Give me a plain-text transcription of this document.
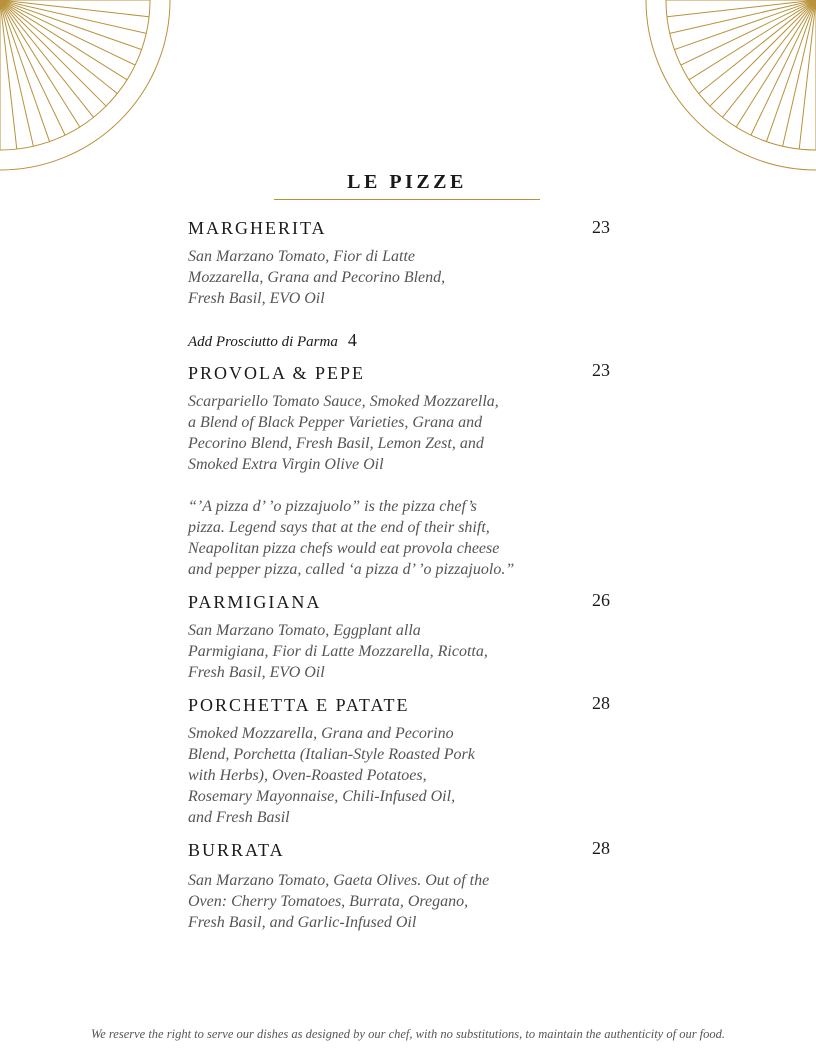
LE PIZZE
MARGHERITA	23
San Marzano Tomato, Fior di Latte
Mozzarella, Grana and Pecorino Blend,
Fresh Basil, EVO Oil
Add Prosciutto di Parma 4
PROVOLA & PEPE	23
Scarpariello Tomato Sauce, Smoked Mozzarella,
a Blend of Black Pepper Varieties, Grana and
Pecorino Blend, Fresh Basil, Lemon Zest, and
Smoked Extra Virgin Olive Oil
“’A pizza d’ ’o pizzajuolo” is the pizza chef’s
pizza. Legend says that at the end of their shift,
Neapolitan pizza chefs would eat provola cheese
and pepper pizza, called ‘a pizza d’ ’o pizzajuolo.”
PARMIGIANA	26
San Marzano Tomato, Eggplant alla
Parmigiana, Fior di Latte Mozzarella, Ricotta,
Fresh Basil, EVO Oil
PORCHETTA E PATATE	28
Smoked Mozzarella, Grana and Pecorino
Blend, Porchetta (Italian-Style Roasted Pork
with Herbs), Oven-Roasted Potatoes,
Rosemary Mayonnaise, Chili-Infused Oil,
and Fresh Basil
BURRATA	28
San Marzano Tomato, Gaeta Olives. Out of the
Oven: Cherry Tomatoes, Burrata, Oregano,
Fresh Basil, and Garlic-Infused Oil
We reserve the right to serve our dishes as designed by our chef, with no substitutions, to maintain the authenticity of our food.
